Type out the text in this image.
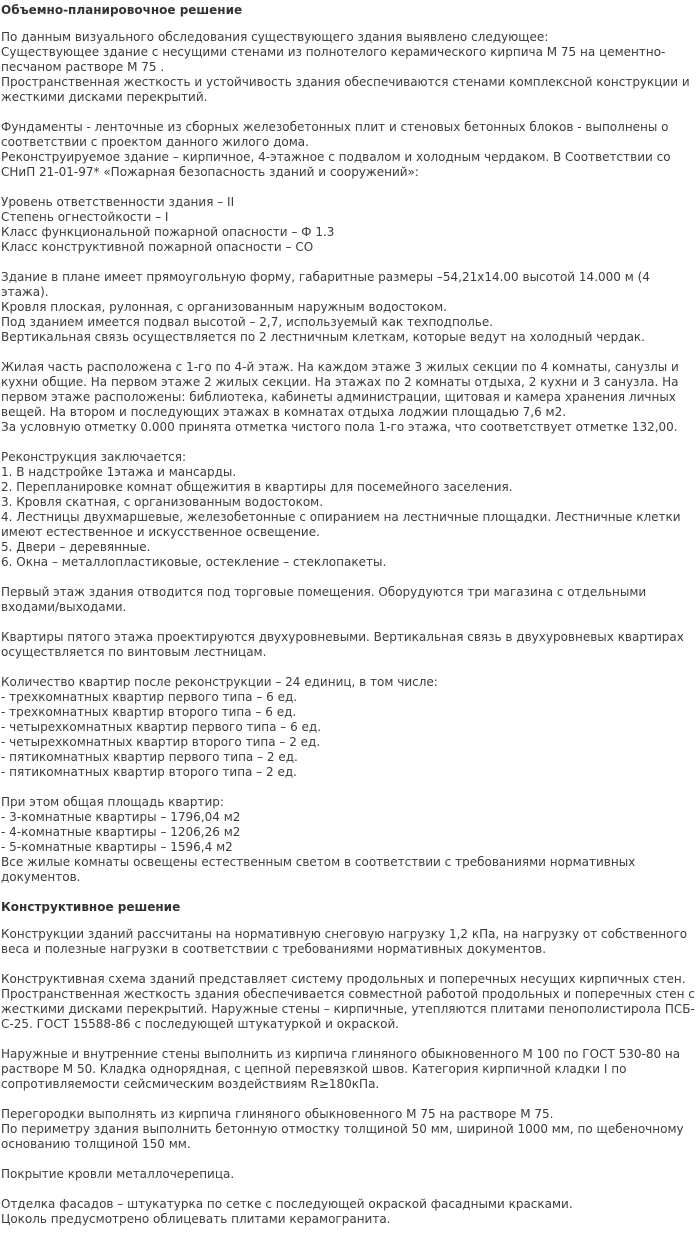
Объемно-планировочное решение
По данным визуального обследования существующего здания выявлено следующее:
Существующее здание с несущими стенами из полнотелого керамического кирпича М 75 на цементно-песчаном растворе М 75 .
Пространственная жесткость и устойчивость здания обеспечиваются стенами комплексной конструкции и жесткими дисками перекрытий.
Фундаменты - ленточные из сборных железобетонных плит и стеновых бетонных блоков - выполнены о соответствии с проектом данного жилого дома.
Реконструируемое здание – кирпичное, 4-этажное с подвалом и холодным чердаком. В Соответствии со СНиП 21-01-97* «Пожарная безопасность зданий и сооружений»:
Уровень ответственности здания – II
Степень огнестойкости – I
Класс функциональной пожарной опасности – Ф 1.3
Класс конструктивной пожарной опасности – СО
Здание в плане имеет прямоугольную форму, габаритные размеры –54,21х14.00 высотой 14.000 м (4 этажа).
Кровля плоская, рулонная, с организованным наружным водостоком.
Под зданием имеется подвал высотой – 2,7, используемый как техподполье.
Вертикальная связь осуществляется по 2 лестничным клеткам, которые ведут на холодный чердак.
Жилая часть расположена с 1-го по 4-й этаж. На каждом этаже 3 жилых секции по 4 комнаты, санузлы и кухни общие. На первом этаже 2 жилых секции. На этажах по 2 комнаты отдыха, 2 кухни и 3 санузла. На первом этаже расположены: библиотека, кабинеты администрации, щитовая и камера хранения личных вещей. На втором и последующих этажах в комнатах отдыха лоджии площадью 7,6 м2.
За условную отметку 0.000 принята отметка чистого пола 1-го этажа, что соответствует отметке 132,00.
Реконструкция заключается:
1. В надстройке 1этажа и мансарды.
2. Перепланировке комнат общежития в квартиры для посемейного заселения.
3. Кровля скатная, с организованным водостоком.
4. Лестницы двухмаршевые, железобетонные с опиранием на лестничные площадки. Лестничные клетки имеют естественное и искусственное освещение.
5. Двери – деревянные.
6. Окна – металлопластиковые, остекление – стеклопакеты.
Первый этаж здания отводится под торговые помещения. Оборудуются три магазина с отдельными входами/выходами.
Квартиры пятого этажа проектируются двухуровневыми. Вертикальная связь в двухуровневых квартирах осуществляется по винтовым лестницам.
Количество квартир после реконструкции – 24 единиц, в том числе:
- трехкомнатных квартир первого типа – 6 ед.
- трехкомнатных квартир второго типа – 6 ед.
- четырехкомнатных квартир первого типа – 6 ед.
- четырехкомнатных квартир второго типа – 2 ед.
- пятикомнатных квартир первого типа – 2 ед.
- пятикомнатных квартир второго типа – 2 ед.
При этом общая площадь квартир:
- 3-комнатные квартиры – 1796,04 м2
- 4-комнатные квартиры – 1206,26 м2
- 5-комнатные квартиры – 1596,4 м2
Все жилые комнаты освещены естественным светом в соответствии с требованиями нормативных документов.
Конструктивное решение
Конструкции зданий рассчитаны на нормативную снеговую нагрузку 1,2 кПа, на нагрузку от собственного веса и полезные нагрузки в соответствии с требованиями нормативных документов.
Конструктивная схема зданий представляет систему продольных и поперечных несущих кирпичных стен. Пространственная жесткость здания обеспечивается совместной работой продольных и поперечных стен с жесткими дисками перекрытий. Наружные стены – кирпичные, утепляются плитами пенополистирола ПСБ-С-25. ГОСТ 15588-86 с последующей штукатуркой и окраской.
Наружные и внутренние стены выполнить из кирпича глиняного обыкновенного М 100 по ГОСТ 530-80 на растворе М 50. Кладка однорядная, с цепной перевязкой швов. Категория кирпичной кладки I по сопротивляемости сейсмическим воздействиям R≥180кПа.
Перегородки выполнять из кирпича глиняного обыкновенного М 75 на растворе М 75.
По периметру здания выполнить бетонную отмостку толщиной 50 мм, шириной 1000 мм, по щебеночному основанию толщиной 150 мм.
Покрытие кровли металлочерепица.
Отделка фасадов – штукатурка по сетке с последующей окраской фасадными красками.
Цоколь предусмотрено облицевать плитами керамогранита.
